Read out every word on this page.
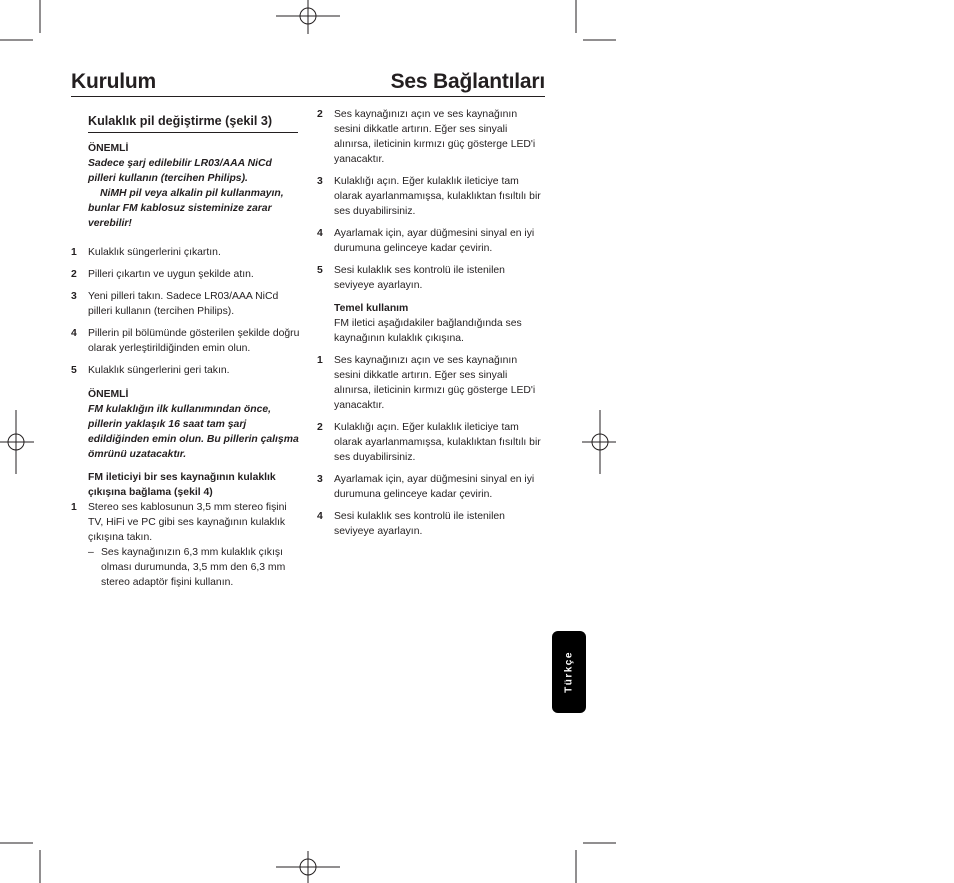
Kurulum	Ses Bağlantıları
Kulaklık pil değiştirme (şekil 3)
ÖNEMLİ
Sadece şarj edilebilir LR03/AAA NiCd pilleri kullanın (tercihen Philips).
NiMH pil veya alkalin pil kullanmayın, bunlar FM kablosuz sisteminize zarar verebilir!
1 Kulaklık süngerlerini çıkartın.
2 Pilleri çıkartın ve uygun şekilde atın.
3 Yeni pilleri takın. Sadece LR03/AAA NiCd pilleri kullanın (tercihen Philips).
4 Pillerin pil bölümünde gösterilen şekilde doğru olarak yerleştirildiğinden emin olun.
5 Kulaklık süngerlerini geri takın.
ÖNEMLİ
FM kulaklığın ilk kullanımından önce, pillerin yaklaşık 16 saat tam şarj edildiğinden emin olun. Bu pillerin çalışma ömrünü uzatacaktır.
FM ileticiyi bir ses kaynağının kulaklık çıkışına bağlama (şekil 4)
1 Stereo ses kablosunun 3,5 mm stereo fişini TV, HiFi ve PC gibi ses kaynağının kulaklık çıkışına takın.
– Ses kaynağınızın 6,3 mm kulaklık çıkışı olması durumunda, 3,5 mm den 6,3 mm stereo adaptör fişini kullanın.
2 Ses kaynağınızı açın ve ses kaynağının sesini dikkatle artırın. Eğer ses sinyali alınırsa, ileticinin kırmızı güç gösterge LED'i yanacaktır.
3 Kulaklığı açın. Eğer kulaklık ileticiye tam olarak ayarlanmamışsa, kulaklıktan fısıltılı bir ses duyabilirsiniz.
4 Ayarlamak için, ayar düğmesini sinyal en iyi durumuna gelinceye kadar çevirin.
5 Sesi kulaklık ses kontrolü ile istenilen seviyeye ayarlayın.
Temel kullanım
FM iletici aşağıdakiler bağlandığında ses kaynağının kulaklık çıkışına.
1 Ses kaynağınızı açın ve ses kaynağının sesini dikkatle artırın. Eğer ses sinyali alınırsa, ileticinin kırmızı güç gösterge LED'i yanacaktır.
2 Kulaklığı açın. Eğer kulaklık ileticiye tam olarak ayarlanmamışsa, kulaklıktan fısıltılı bir ses duyabilirsiniz.
3 Ayarlamak için, ayar düğmesini sinyal en iyi durumuna gelinceye kadar çevirin.
4 Sesi kulaklık ses kontrolü ile istenilen seviyeye ayarlayın.
Türkçe
